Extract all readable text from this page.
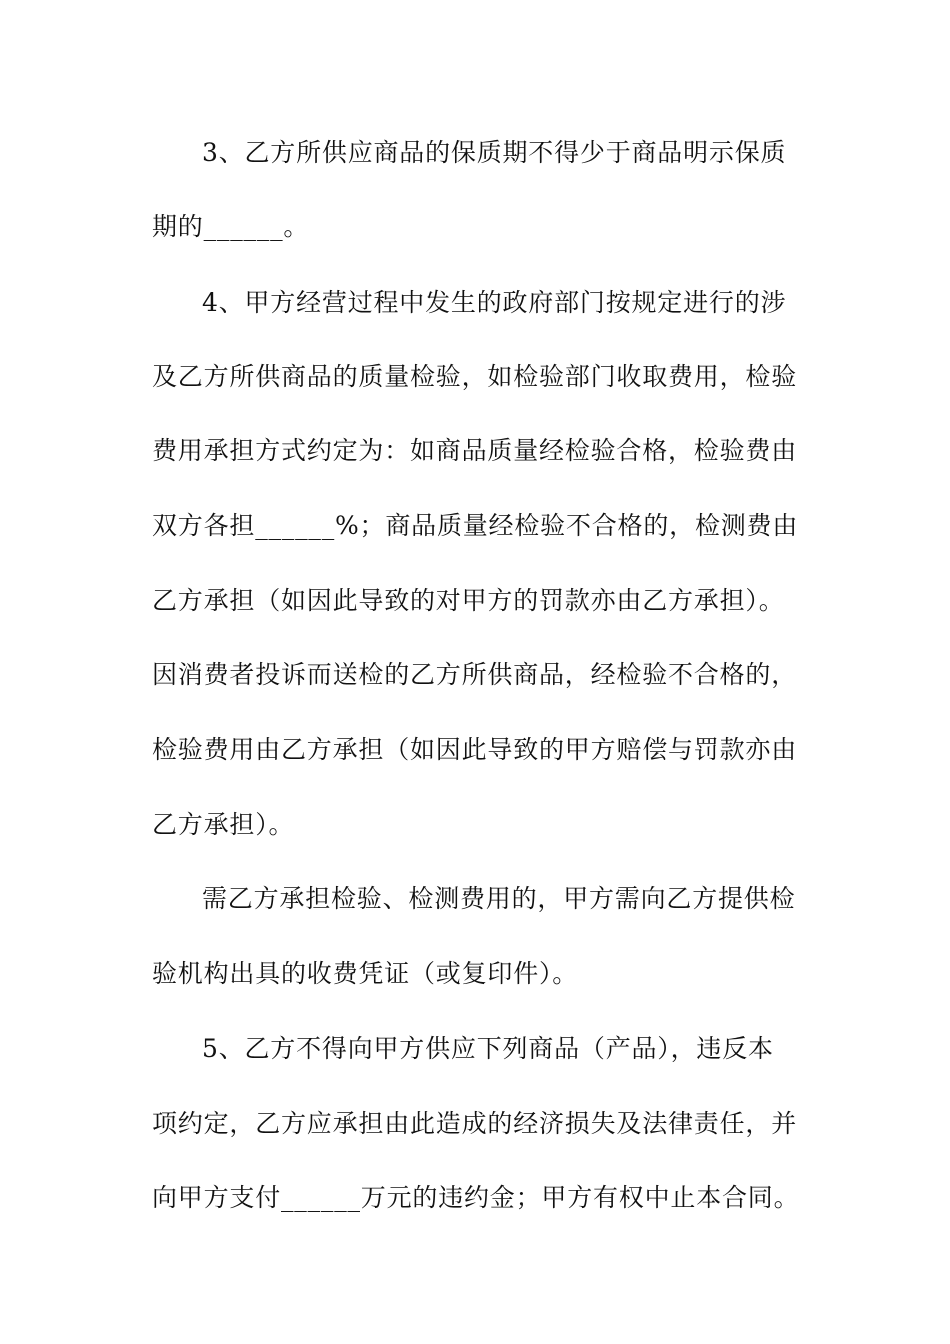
3、乙方所供应商品的保质期不得少于商品明示保质
期的______。
4、甲方经营过程中发生的政府部门按规定进行的涉
及乙方所供商品的质量检验，如检验部门收取费用，检验
费用承担方式约定为：如商品质量经检验合格，检验费由
双方各担______%；商品质量经检验不合格的，检测费由
乙方承担（如因此导致的对甲方的罚款亦由乙方承担）。
因消费者投诉而送检的乙方所供商品，经检验不合格的，
检验费用由乙方承担（如因此导致的甲方赔偿与罚款亦由
乙方承担）。
需乙方承担检验、检测费用的，甲方需向乙方提供检
验机构出具的收费凭证（或复印件）。
5、乙方不得向甲方供应下列商品（产品），违反本
项约定，乙方应承担由此造成的经济损失及法律责任，并
向甲方支付______万元的违约金；甲方有权中止本合同。
